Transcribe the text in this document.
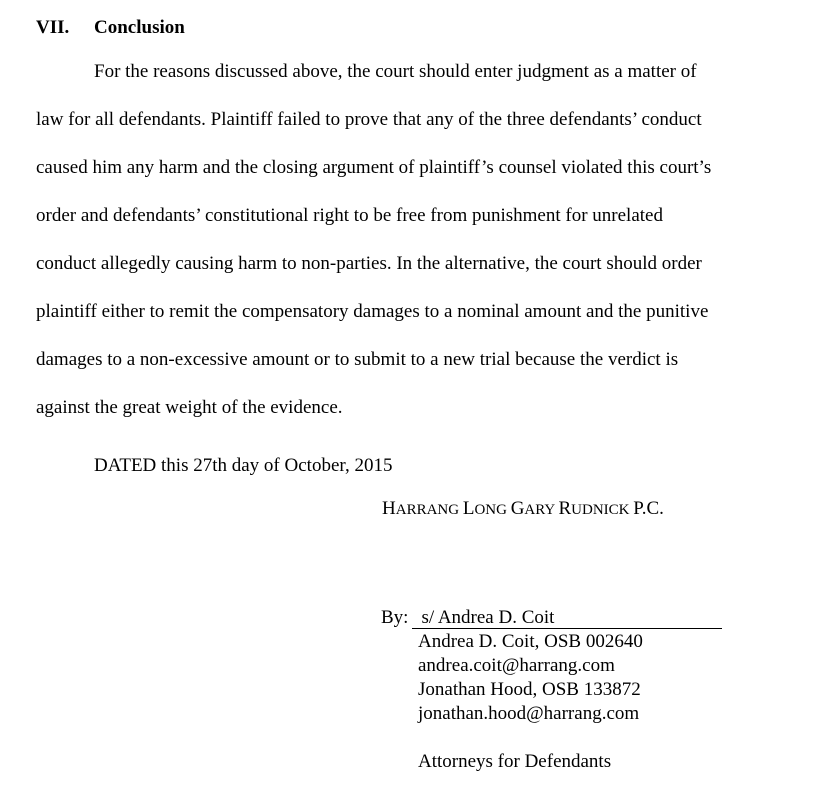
VII. Conclusion
For the reasons discussed above, the court should enter judgment as a matter of
law for all defendants. Plaintiff failed to prove that any of the three defendants’ conduct
caused him any harm and the closing argument of plaintiff’s counsel violated this court’s
order and defendants’ constitutional right to be free from punishment for unrelated
conduct allegedly causing harm to non-parties. In the alternative, the court should order
plaintiff either to remit the compensatory damages to a nominal amount and the punitive
damages to a non-excessive amount or to submit to a new trial because the verdict is
against the great weight of the evidence.
DATED this 27th day of October, 2015
HARRANG LONG GARY RUDNICK P.C.
By: s/ Andrea D. Coit
Andrea D. Coit, OSB 002640
andrea.coit@harrang.com
Jonathan Hood, OSB 133872
jonathan.hood@harrang.com
Attorneys for Defendants
